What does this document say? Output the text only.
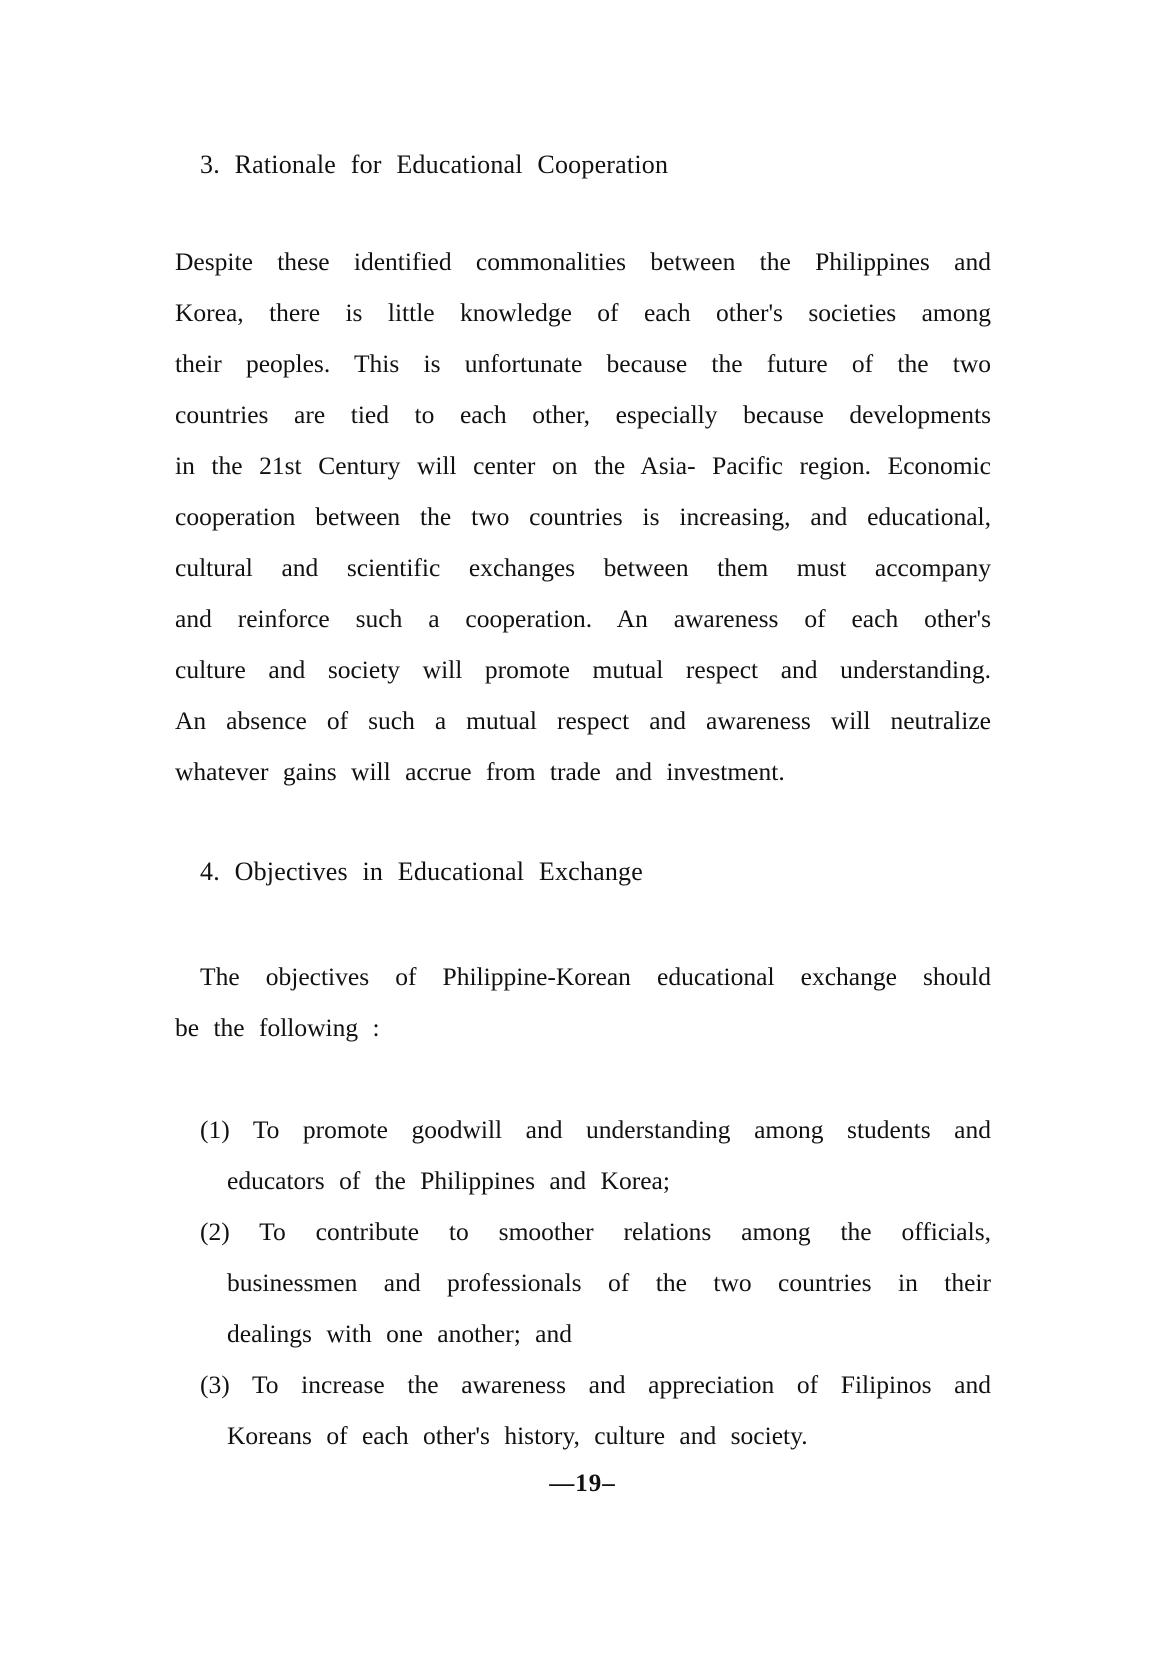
3. Rationale for Educational Cooperation
Despite these identified commonalities between the Philippines and
Korea, there is little knowledge of each other's societies among
their peoples. This is unfortunate because the future of the two
countries are tied to each other, especially because developments
in the 21st Century will center on the Asia- Pacific region. Economic
cooperation between the two countries is increasing, and educational,
cultural and scientific exchanges between them must accompany
and reinforce such a cooperation. An awareness of each other's
culture and society will promote mutual respect and understanding.
An absence of such a mutual respect and awareness will neutralize
whatever gains will accrue from trade and investment.
4. Objectives in Educational Exchange
The objectives of Philippine-Korean educational exchange should
be the following :
(1) To promote goodwill and understanding among students and
educators of the Philippines and Korea;
(2) To contribute to smoother relations among the officials,
businessmen and professionals of the two countries in their
dealings with one another; and
(3) To increase the awareness and appreciation of Filipinos and
Koreans of each other's history, culture and society.
—19–
